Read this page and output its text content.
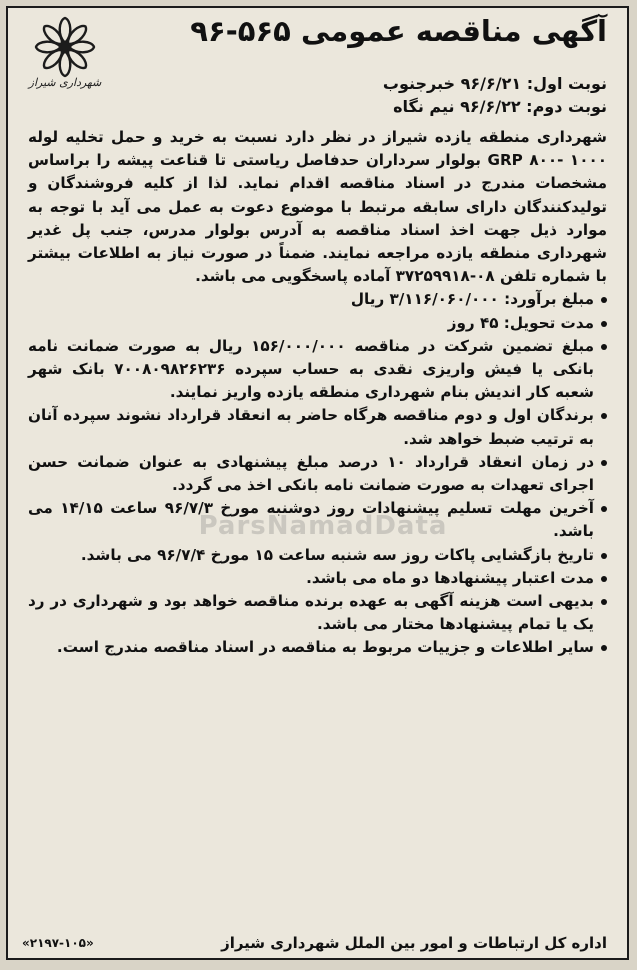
شهرداری شیراز
آگهی مناقصه عمومی ۵۶۵-۹۶
نوبت اول: ۹۶/۶/۲۱ خبرجنوب
نوبت دوم: ۹۶/۶/۲۲ نیم نگاه

شهرداری منطقه یازده شیراز در نظر دارد نسبت به خرید و حمل تخلیه لوله ۱۰۰۰ -۸۰۰ GRP بولوار سرداران حدفاصل ریاستی تا قناعت پیشه را براساس مشخصات مندرج در اسناد مناقصه اقدام نماید. لذا از کلیه فروشندگان و تولیدکنندگان دارای سابقه مرتبط با موضوع دعوت به عمل می آید با توجه به موارد ذیل جهت اخذ اسناد مناقصه به آدرس بولوار مدرس، جنب پل غدیر شهرداری منطقه یازده مراجعه نمایند. ضمناً در صورت نیاز به اطلاعات بیشتر با شماره تلفن ۰۸-۳۷۲۵۹۹۱۸ آماده پاسخگویی می باشد.

مبلغ برآورد: ۳/۱۱۶/۰۶۰/۰۰۰ ریال
مدت تحویل: ۴۵ روز
مبلغ تضمین شرکت در مناقصه ۱۵۶/۰۰۰/۰۰۰ ریال به صورت ضمانت نامه بانکی یا فیش واریزی نقدی به حساب سپرده ۷۰۰۸۰۹۸۲۶۲۳۶ بانک شهر شعبه کار اندیش بنام شهرداری منطقه یازده واریز نمایند.
برندگان اول و دوم مناقصه هرگاه حاضر به انعقاد قرارداد نشوند سپرده آنان به ترتیب ضبط خواهد شد.
در زمان انعقاد قرارداد ۱۰ درصد مبلغ پیشنهادی به عنوان ضمانت حسن اجرای تعهدات به صورت ضمانت نامه بانکی اخذ می گردد.
آخرین مهلت تسلیم پیشنهادات روز دوشنبه مورخ ۹۶/۷/۳ ساعت ۱۴/۱۵ می باشد.
تاریخ بازگشایی پاکات روز سه شنبه ساعت ۱۵ مورخ ۹۶/۷/۴ می باشد.
مدت اعتبار پیشنهادها دو ماه می باشد.
بدیهی است هزینه آگهی به عهده برنده مناقصه خواهد بود و شهرداری در رد یک یا تمام پیشنهادها مختار می باشد.
سایر اطلاعات و جزییات مربوط به مناقصه در اسناد مناقصه مندرج است.
ParsNamadData
اداره کل ارتباطات و امور بین الملل شهرداری شیراز
«۲۱۹۷-۱۰۵»
